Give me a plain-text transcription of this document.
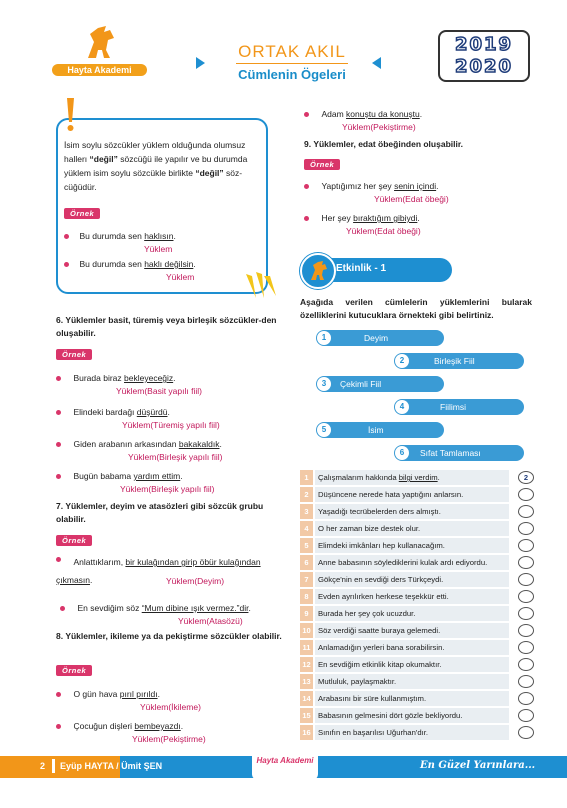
Hayta Akademi
ORTAK AKIL
Cümlenin Ögeleri
2019
2020
İsim soylu sözcükler yüklem olduğunda olumsuz hallerı “değil” sözcüğü ile yapılır ve bu durumda yüklem isim soylu sözcükle birlikte “değil” söz-cüğüdür.
Örnek
Bu durumda sen haklısın.
Yüklem
Bu durumda sen haklı değilsin.
Yüklem
6. Yüklemler basit, türemiş veya birleşik sözcükler-den oluşabilir.
Örnek
Burada biraz bekleyeceğiz.
Yüklem(Basit yapılı fiil)
Elindeki bardağı düşürdü.
Yüklem(Türemiş yapılı fiil)
Giden arabanın arkasından bakakaldık.
Yüklem(Birleşik yapılı fiil)
Bugün babama yardım ettim.
Yüklem(Birleşik yapılı fiil)
7. Yüklemler, deyim ve atasözleri gibi sözcük grubu olabilir.
Örnek
Anlattıklarım, bir kulağından girip öbür kulağından çıkmasın.	Yüklem(Deyim)
En sevdiğim söz “Mum dibine ışık vermez.”dir.
Yüklem(Atasözü)
8. Yüklemler, ikileme ya da pekiştirme sözcükler olabilir.
Örnek
O gün hava pırıl pırıldı.
Yüklem(İkileme)
Çocuğun dişleri bembeyazdı.
Yüklem(Pekiştirme)
Adam konuştu da konuştu.
Yüklem(Pekiştirme)
9. Yüklemler, edat öbeğinden oluşabilir.
Örnek
Yaptığımız her şey senin içindi.
Yüklem(Edat öbeği)
Her şey bıraktığım gibiydi.
Yüklem(Edat öbeği)
Etkinlik - 1
Aşağıda verilen cümlelerin yüklemlerini bularak özelliklerini kutucuklara örnekteki gibi belirtiniz.
1	Deyim
2	Birleşik Fiil
3	Çekimli Fiil
4	Fiilimsi
5	İsim
6	Sıfat Tamlaması
1	Çalışmalarım hakkında bilgi verdim.	2
2	Düşüncene nerede hata yaptığını anlarsın.
3	Yaşadığı tecrübelerden ders almıştı.
4	O her zaman bize destek olur.
5	Elimdeki imkânları hep kullanacağım.
6	Anne babasının söylediklerini kulak ardı ediyordu.
7	Gökçe'nin en sevdiği ders Türkçeydi.
8	Evden ayrılırken herkese teşekkür etti.
9	Burada her şey çok ucuzdur.
10 Söz verdiği saatte buraya gelemedi.
11 Anlamadığın yerleri bana sorabilirsin.
12 En sevdiğim etkinlik kitap okumaktır.
13 Mutluluk, paylaşmaktır.
14 Arabasını bir süre kullanmıştım.
15 Babasının gelmesini dört gözle bekliyordu.
16 Sınıfın en başarılısı Uğurhan'dır.
2 Eyüp HAYTA / Ümit ŞEN
Hayta Akademi	En Güzel Yarınlara...
